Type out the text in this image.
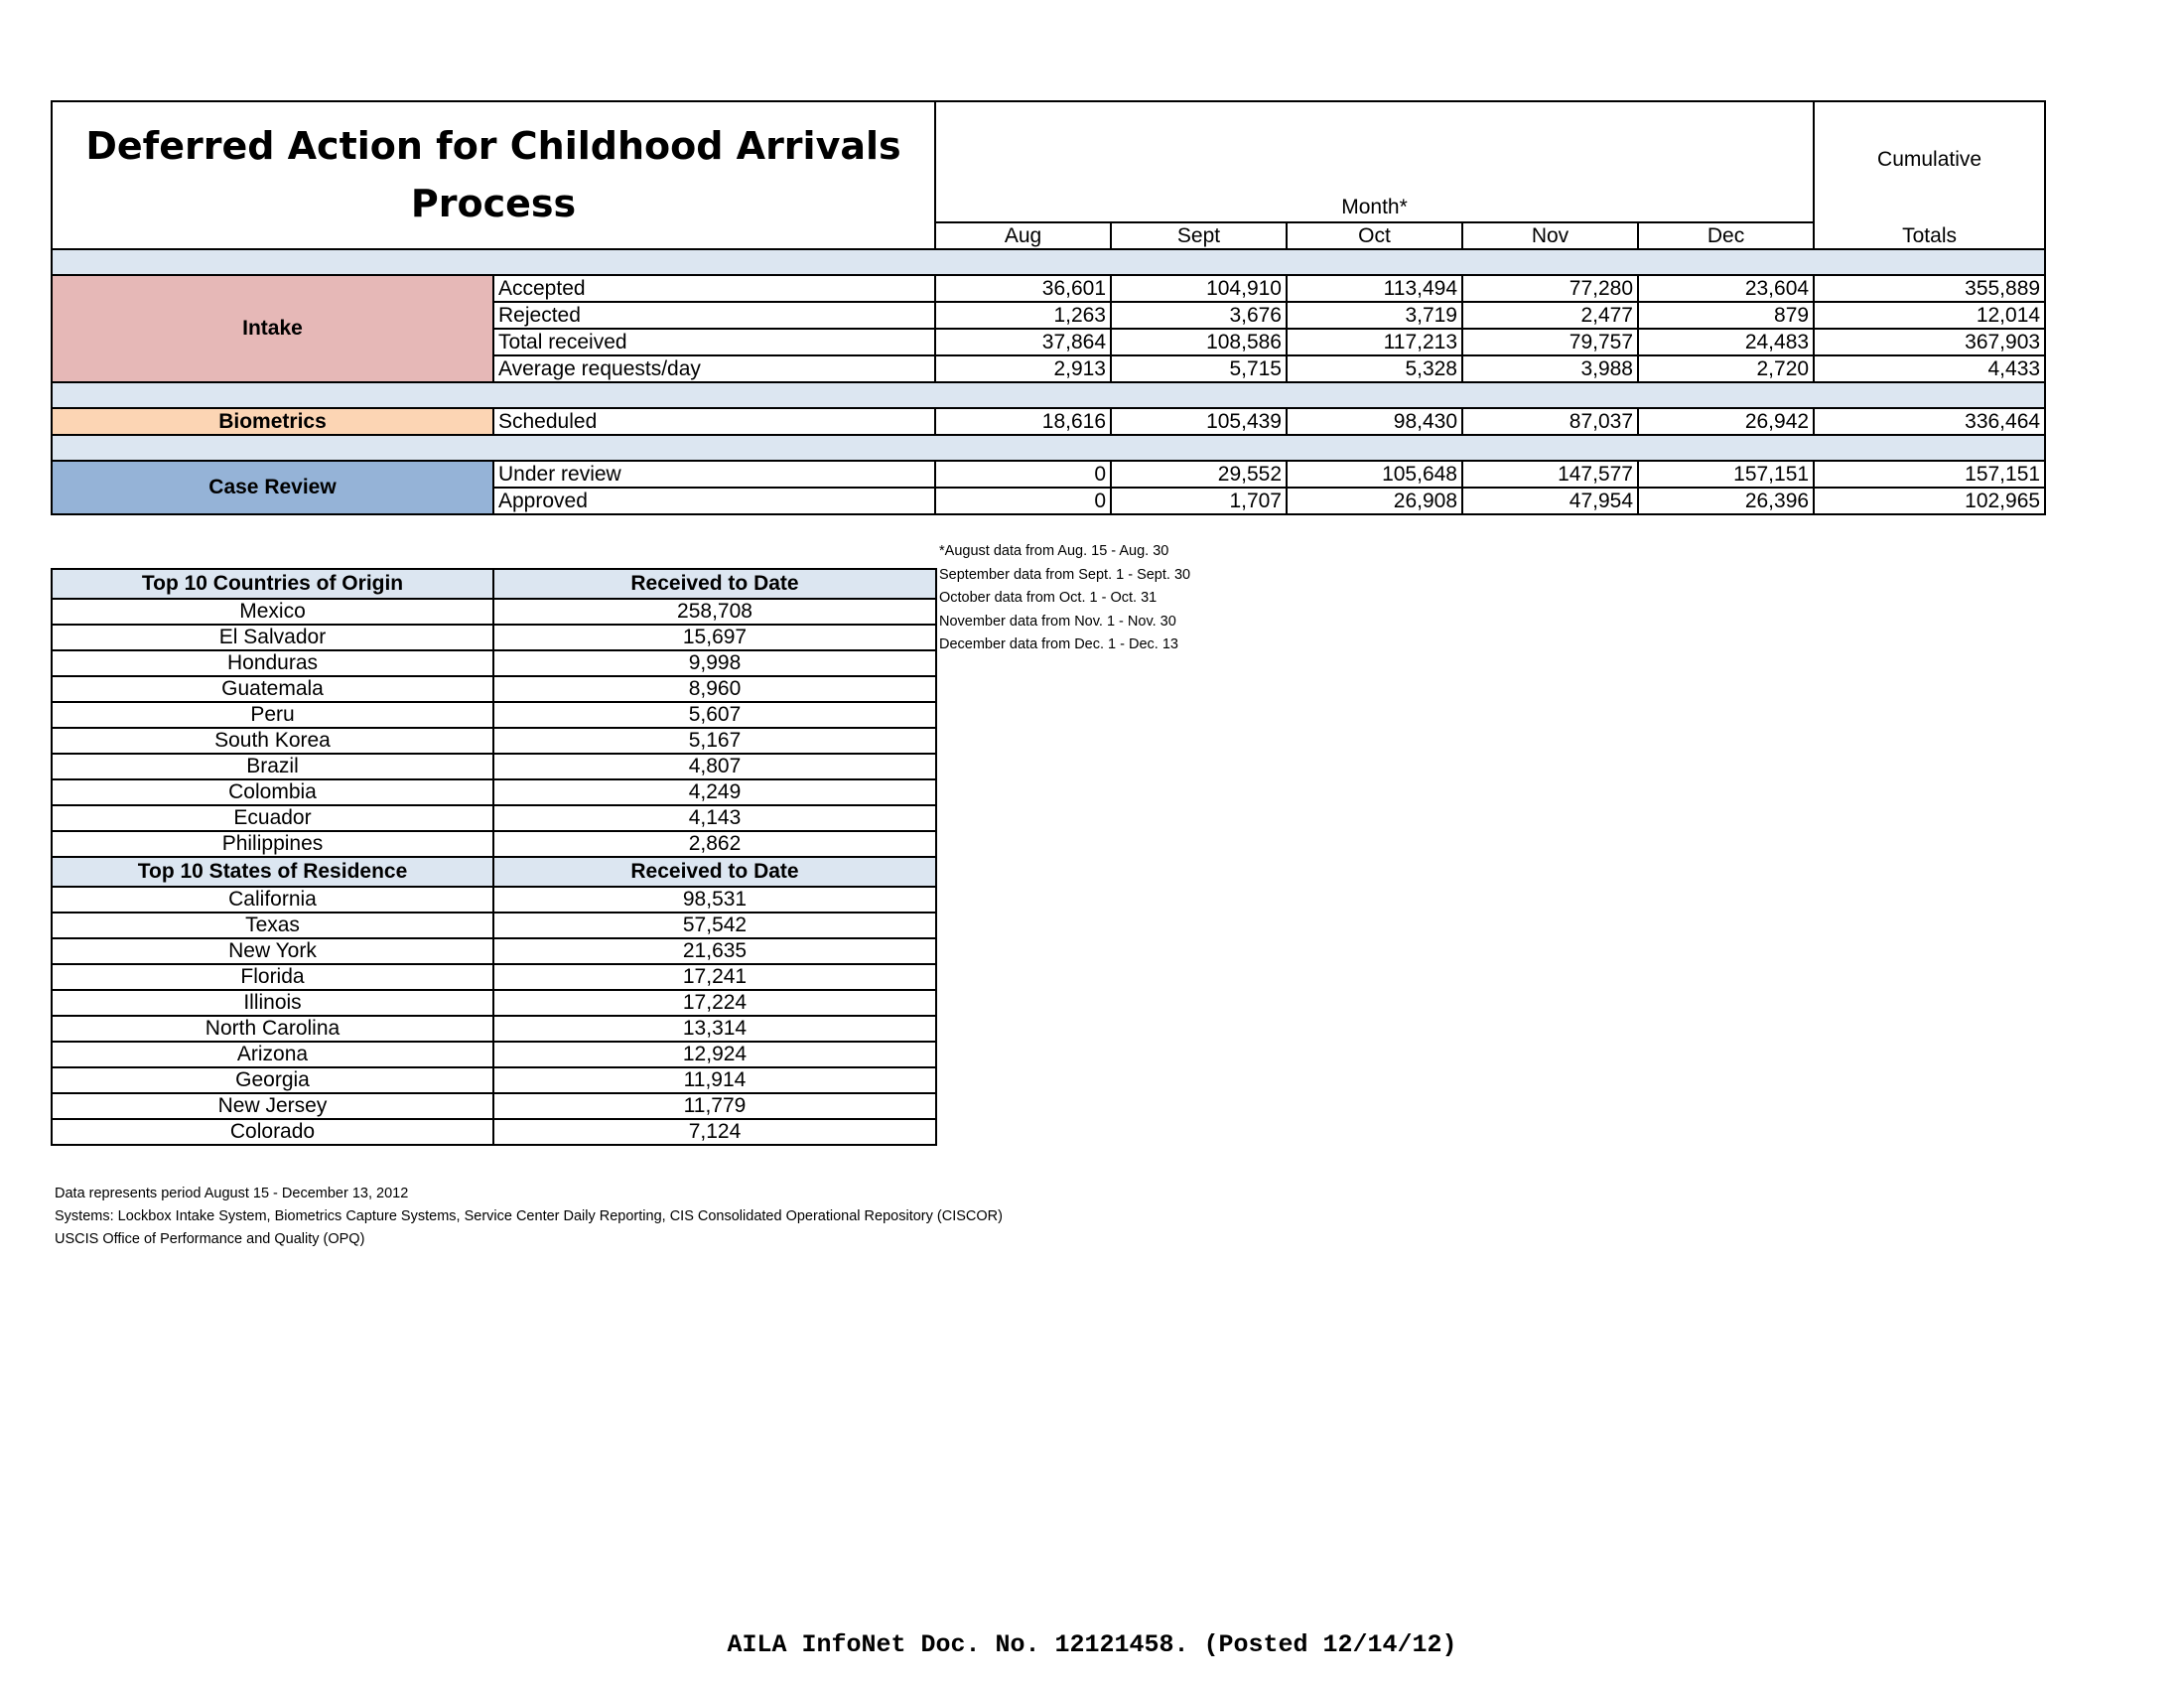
Deferred Action for Childhood Arrivals Process		Month*					Cumulative
		Aug	Sept	Oct	Nov	Dec	Totals

Intake	Accepted	36,601	104,910	113,494	77,280	23,604	355,889
	Rejected	1,263	3,676	3,719	2,477	879	12,014
	Total received	37,864	108,586	117,213	79,757	24,483	367,903
	Average requests/day	2,913	5,715	5,328	3,988	2,720	4,433

Biometrics	Scheduled	18,616	105,439	98,430	87,037	26,942	336,464

Case Review	Under review	0	29,552	105,648	147,577	157,151	157,151
	Approved	0	1,707	26,908	47,954	26,396	102,965
*August data from Aug. 15 - Aug. 30
September data from Sept. 1 - Sept. 30
October data from Oct. 1 - Oct. 31
November data from Nov. 1 - Nov. 30
December data from Dec. 1 - Dec. 13
Top 10 Countries of Origin	Received to Date
Mexico	258,708
El Salvador	15,697
Honduras	9,998
Guatemala	8,960
Peru	5,607
South Korea	5,167
Brazil	4,807
Colombia	4,249
Ecuador	4,143
Philippines	2,862
Top 10 States of Residence	Received to Date
California	98,531
Texas	57,542
New York	21,635
Florida	17,241
Illinois	17,224
North Carolina	13,314
Arizona	12,924
Georgia	11,914
New Jersey	11,779
Colorado	7,124
Data represents period August 15 - December 13, 2012
Systems: Lockbox Intake System, Biometrics Capture Systems, Service Center Daily Reporting, CIS Consolidated Operational Repository (CISCOR)
USCIS Office of Performance and Quality (OPQ)
AILA InfoNet Doc. No. 12121458. (Posted 12/14/12)
